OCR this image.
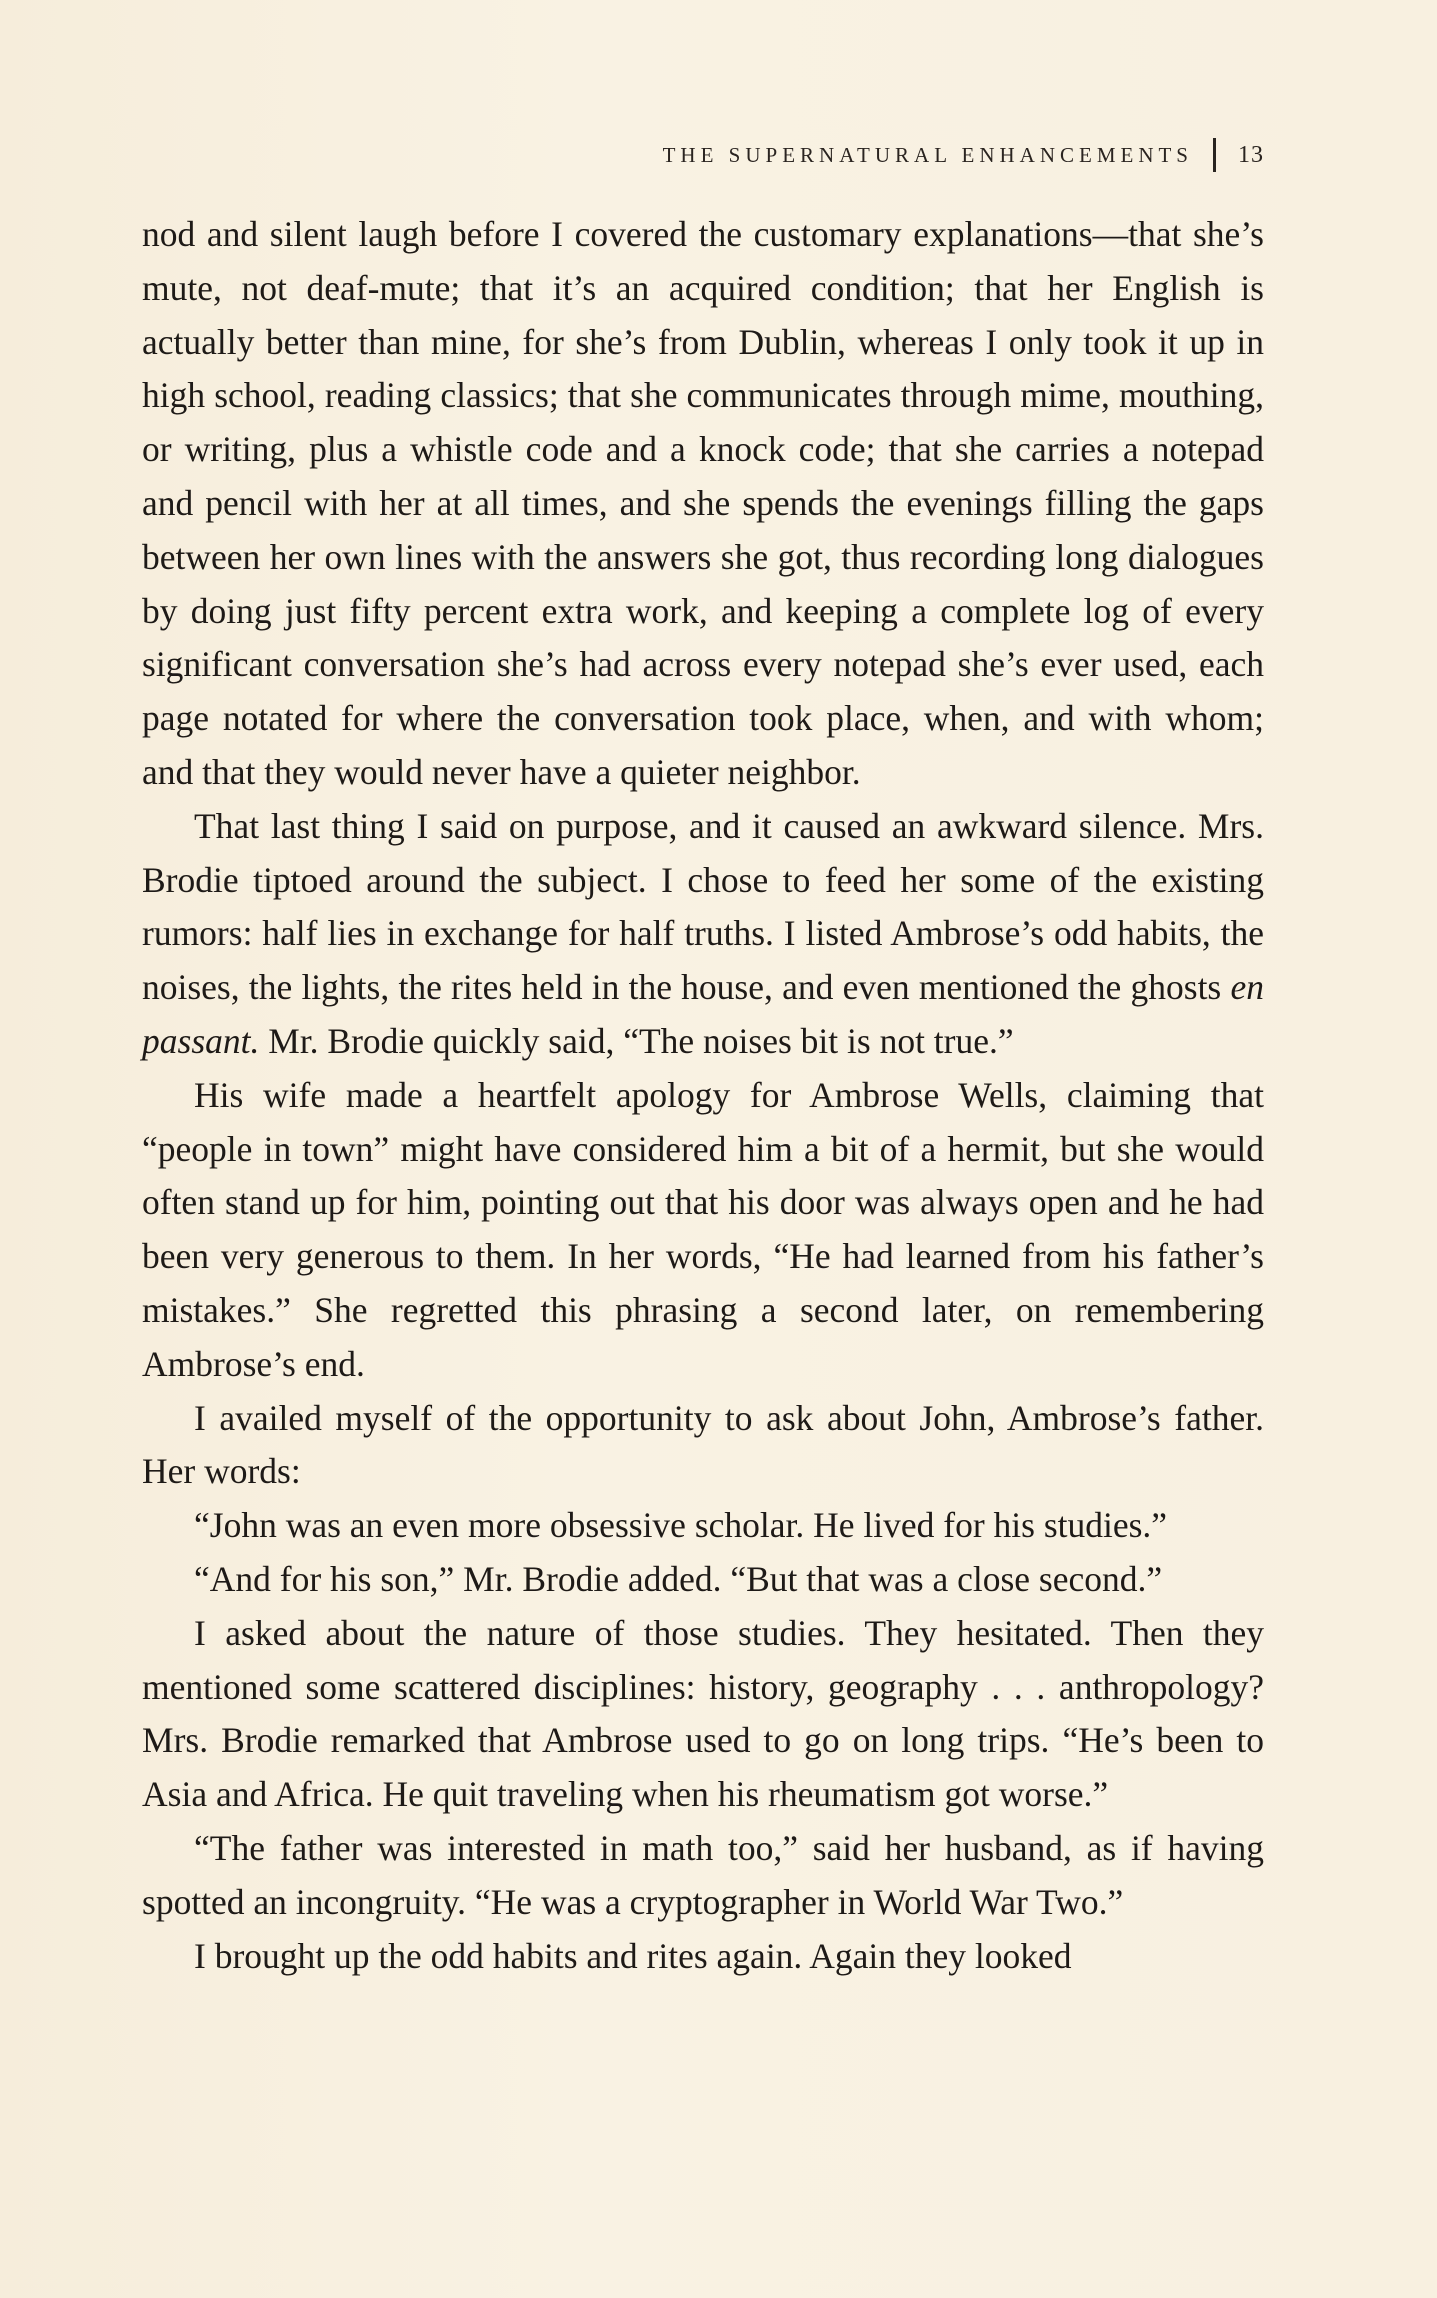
THE SUPERNATURAL ENHANCEMENTS 13

nod and silent laugh before I covered the customary explanations—that she’s mute, not deaf-mute; that it’s an acquired condition; that her English is actually better than mine, for she’s from Dublin, whereas I only took it up in high school, reading classics; that she communicates through mime, mouthing, or writing, plus a whistle code and a knock code; that she carries a notepad and pencil with her at all times, and she spends the evenings filling the gaps between her own lines with the answers she got, thus recording long dialogues by doing just fifty percent extra work, and keeping a complete log of every significant conversation she’s had across every notepad she’s ever used, each page notated for where the conversation took place, when, and with whom; and that they would never have a quieter neighbor.

That last thing I said on purpose, and it caused an awkward silence. Mrs. Brodie tiptoed around the subject. I chose to feed her some of the existing rumors: half lies in exchange for half truths. I listed Ambrose’s odd habits, the noises, the lights, the rites held in the house, and even mentioned the ghosts en passant. Mr. Brodie quickly said, “The noises bit is not true.”

His wife made a heartfelt apology for Ambrose Wells, claiming that “people in town” might have considered him a bit of a hermit, but she would often stand up for him, pointing out that his door was always open and he had been very generous to them. In her words, “He had learned from his father’s mistakes.” She regretted this phrasing a second later, on remembering Ambrose’s end.

I availed myself of the opportunity to ask about John, Ambrose’s father. Her words:

“John was an even more obsessive scholar. He lived for his studies.”

“And for his son,” Mr. Brodie added. “But that was a close second.”

I asked about the nature of those studies. They hesitated. Then they mentioned some scattered disciplines: history, geography . . . anthropology? Mrs. Brodie remarked that Ambrose used to go on long trips. “He’s been to Asia and Africa. He quit traveling when his rheumatism got worse.”

“The father was interested in math too,” said her husband, as if having spotted an incongruity. “He was a cryptographer in World War Two.”

I brought up the odd habits and rites again. Again they looked
